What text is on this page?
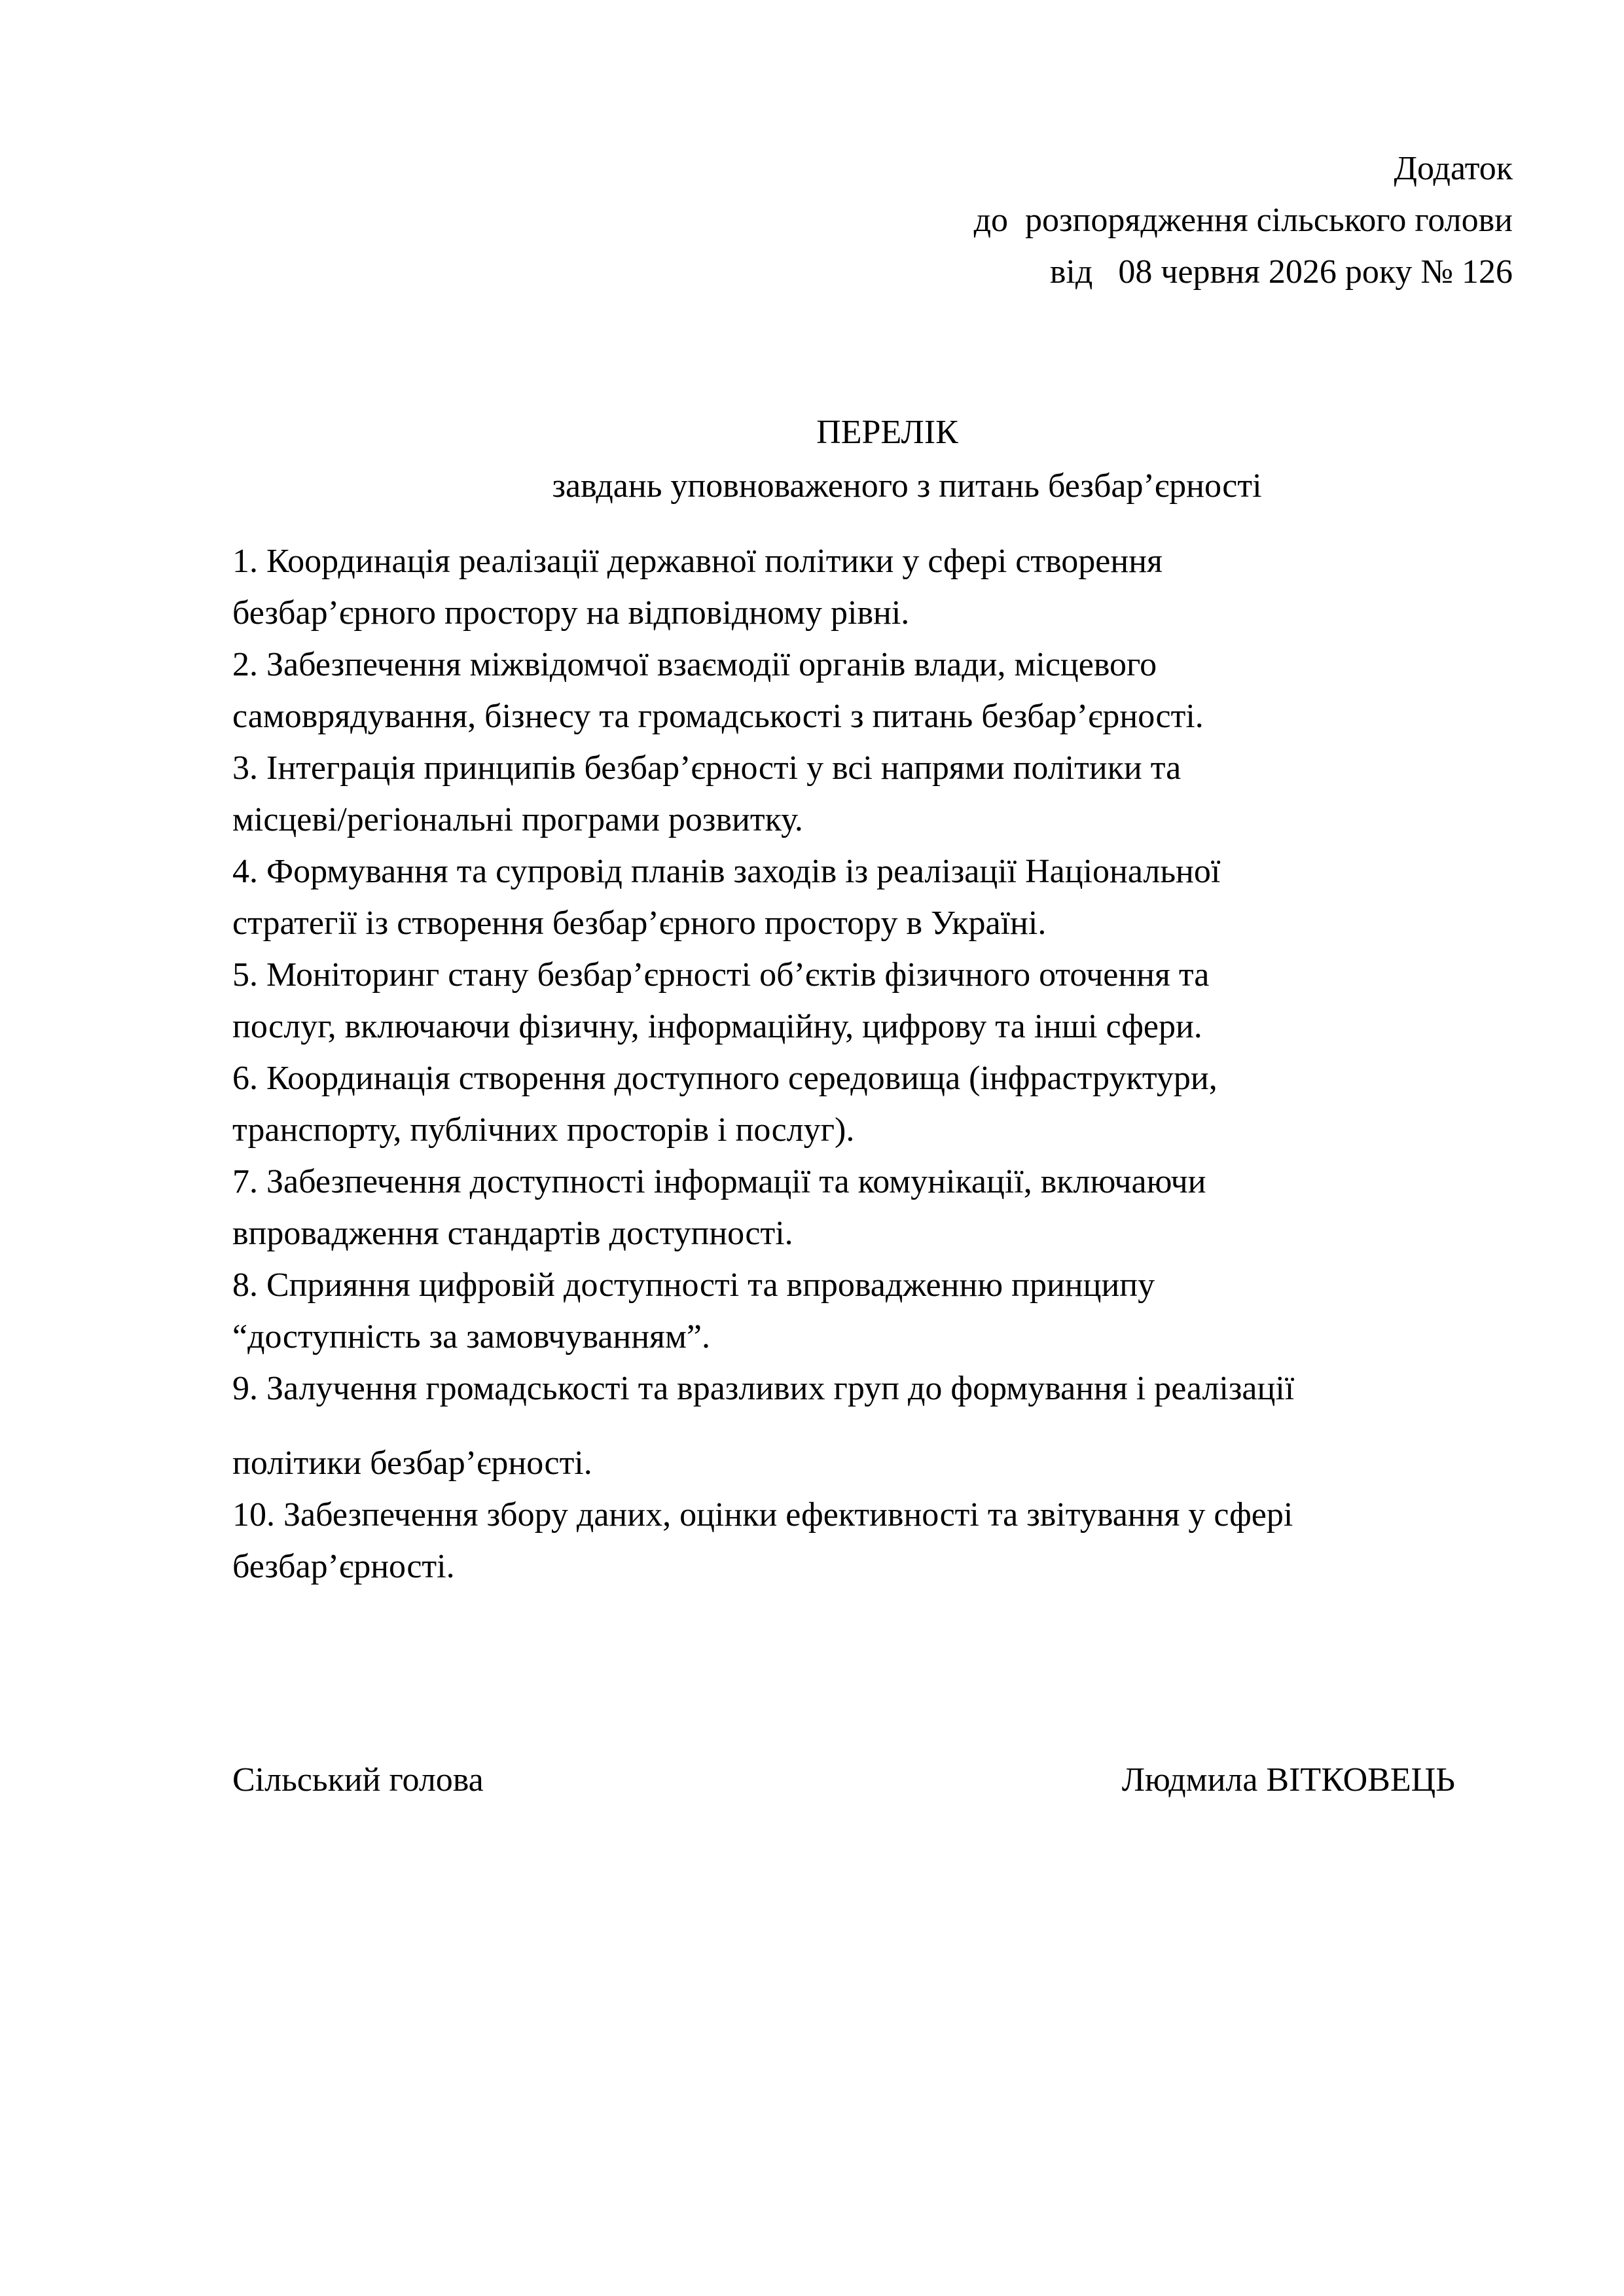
Додаток
до  розпорядження сільського голови
від   08 червня 2026 року № 126
ПЕРЕЛІК
завдань уповноваженого з питань безбар’єрності
1. Координація реалізації державної політики у сфері створення
безбар’єрного простору на відповідному рівні.
2. Забезпечення міжвідомчої взаємодії органів влади, місцевого
самоврядування, бізнесу та громадськості з питань безбар’єрності.
3. Інтеграція принципів безбар’єрності у всі напрями політики та
місцеві/регіональні програми розвитку.
4. Формування та супровід планів заходів із реалізації Національної
стратегії із створення безбар’єрного простору в Україні.
5. Моніторинг стану безбар’єрності об’єктів фізичного оточення та
послуг, включаючи фізичну, інформаційну, цифрову та інші сфери.
6. Координація створення доступного середовища (інфраструктури,
транспорту, публічних просторів і послуг).
7. Забезпечення доступності інформації та комунікації, включаючи
впровадження стандартів доступності.
8. Сприяння цифровій доступності та впровадженню принципу
“доступність за замовчуванням”.
9. Залучення громадськості та вразливих груп до формування і реалізації
політики безбар’єрності.
10. Забезпечення збору даних, оцінки ефективності та звітування у сфері
безбар’єрності.
Сільський голова	Людмила ВІТКОВЕЦЬ
